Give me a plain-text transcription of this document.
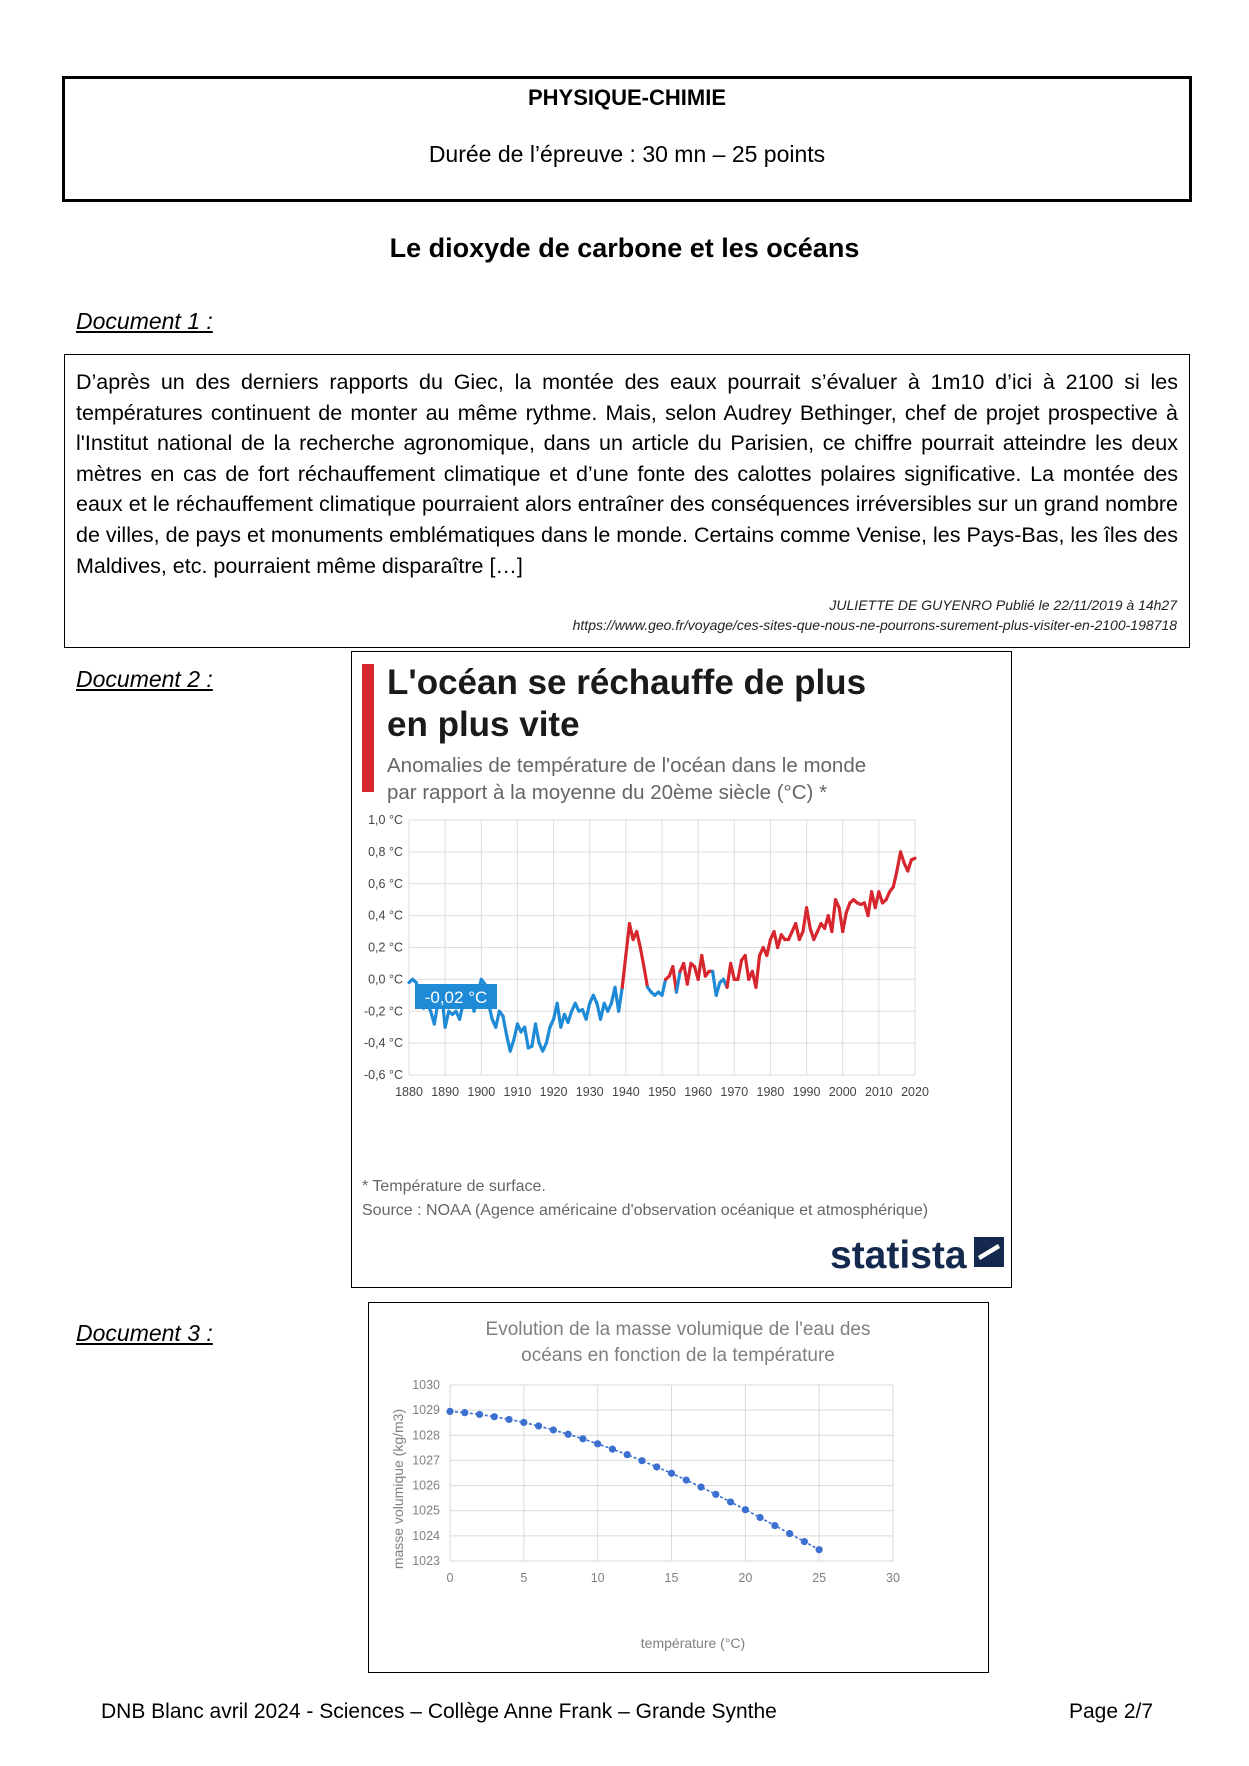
PHYSIQUE-CHIMIE
Durée de l’épreuve : 30 mn – 25 points
Le dioxyde de carbone et les océans
Document 1 :
D’après un des derniers rapports du Giec, la montée des eaux pourrait s’évaluer à 1m10 d’ici à 2100 si les températures continuent de monter au même rythme. Mais, selon Audrey Bethinger, chef de projet prospective à l'Institut national de la recherche agronomique, dans un article du Parisien, ce chiffre pourrait atteindre les deux mètres en cas de fort réchauffement climatique et d’une fonte des calottes polaires significative. La montée des eaux et le réchauffement climatique pourraient alors entraîner des conséquences irréversibles sur un grand nombre de villes, de pays et monuments emblématiques dans le monde. Certains comme Venise, les Pays-Bas, les îles des Maldives, etc. pourraient même disparaître […]
JULIETTE DE GUYENRO Publié le 22/11/2019 à 14h27
https://www.geo.fr/voyage/ces-sites-que-nous-ne-pourrons-surement-plus-visiter-en-2100-198718
Document 2 :	L'océan se réchauffe de plus
en plus vite
Anomalies de température de l'océan dans le monde
par rapport à la moyenne du 20ème siècle (°C) *
-0,6 °C
-0,4 °C
-0,2 °C
0,0 °C
0,2 °C
0,4 °C
0,6 °C
0,8 °C
1,0 °C
1880 1890 1900 1910 1920 1930 1940 1950 1960 1970 1980 1990 2000 2010 2020
-0,02 °C
* Température de surface.
Source : NOAA (Agence américaine d'observation océanique et atmosphérique)
statista
Document 3 :	Evolution de la masse volumique de l'eau des
océans en fonction de la température
1023
1024
1025
1026
1027
1028
1029
1030
0	5	10	15	20	25	30
température (°C)
masse volumique (kg/m3)
DNB Blanc avril 2024 - Sciences – Collège Anne Frank – Grande Synthe	Page 2/7
